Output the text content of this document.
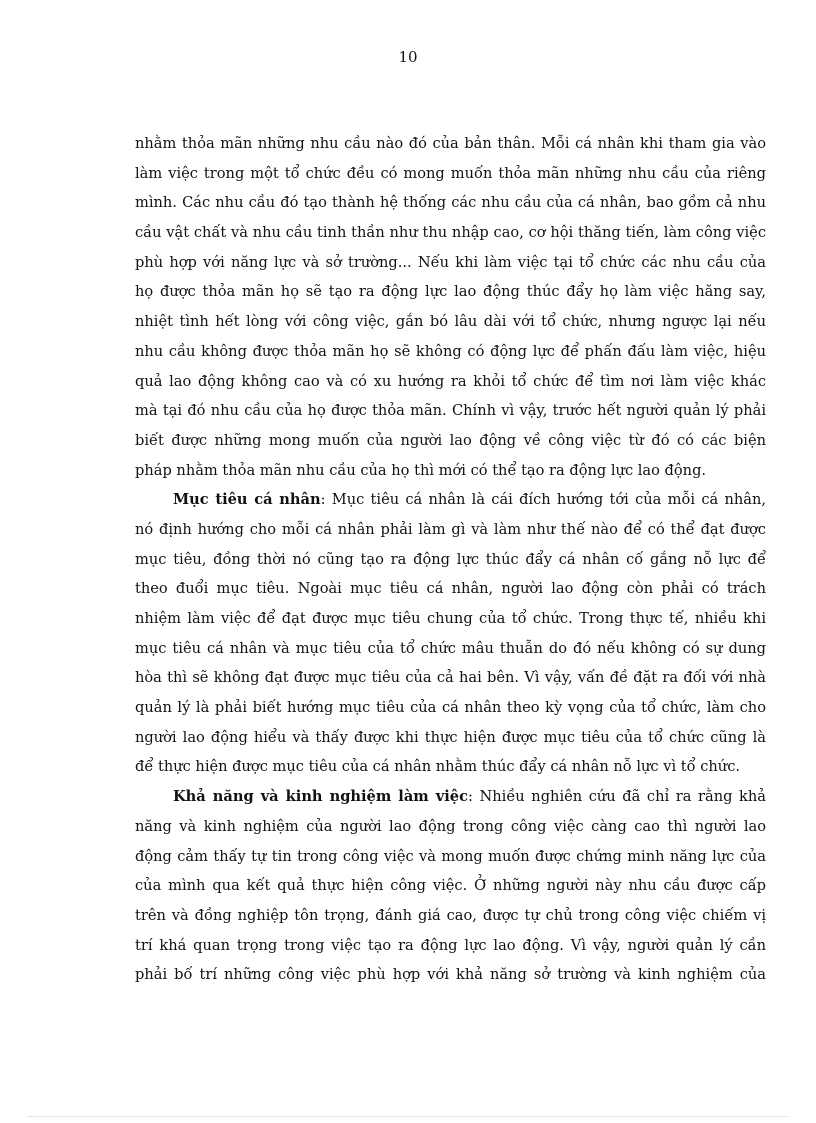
10
nhằm thỏa mãn những nhu cầu nào đó của bản thân. Mỗi cá nhân khi tham gia vào
làm việc trong một tổ chức đều có mong muốn thỏa mãn những nhu cầu của riêng
mình. Các nhu cầu đó tạo thành hệ thống các nhu cầu của cá nhân, bao gồm cả nhu
cầu vật chất và nhu cầu tinh thần như thu nhập cao, cơ hội thăng tiến, làm công việc
phù hợp với năng lực và sở trường... Nếu khi làm việc tại tổ chức các nhu cầu của
họ được thỏa mãn họ sẽ tạo ra động lực lao động thúc đẩy họ làm việc hăng say,
nhiệt tình hết lòng với công việc, gắn bó lâu dài với tổ chức, nhưng ngược lại nếu
nhu cầu không được thỏa mãn họ sẽ không có động lực để phấn đấu làm việc, hiệu
quả lao động không cao và có xu hướng ra khỏi tổ chức để tìm nơi làm việc khác
mà tại đó nhu cầu của họ được thỏa mãn. Chính vì vậy, trước hết người quản lý phải
biết được những mong muốn của người lao động về công việc từ đó có các biện
pháp nhằm thỏa mãn nhu cầu của họ thì mới có thể tạo ra động lực lao động.
Mục tiêu cá nhân: Mục tiêu cá nhân là cái đích hướng tới của mỗi cá nhân,
nó định hướng cho mỗi cá nhân phải làm gì và làm như thế nào để có thể đạt được
mục tiêu, đồng thời nó cũng tạo ra động lực thúc đẩy cá nhân cố gắng nỗ lực để
theo đuổi mục tiêu. Ngoài mục tiêu cá nhân, người lao động còn phải có trách
nhiệm làm việc để đạt được mục tiêu chung của tổ chức. Trong thực tế, nhiều khi
mục tiêu cá nhân và mục tiêu của tổ chức mâu thuẫn do đó nếu không có sự dung
hòa thì sẽ không đạt được mục tiêu của cả hai bên. Vì vậy, vấn đề đặt ra đối với nhà
quản lý là phải biết hướng mục tiêu của cá nhân theo kỳ vọng của tổ chức, làm cho
người lao động hiểu và thấy được khi thực hiện được mục tiêu của tổ chức cũng là
để thực hiện được mục tiêu của cá nhân nhằm thúc đẩy cá nhân nỗ lực vì tổ chức.
Khả năng và kinh nghiệm làm việc: Nhiều nghiên cứu đã chỉ ra rằng khả
năng và kinh nghiệm của người lao động trong công việc càng cao thì người lao
động cảm thấy tự tin trong công việc và mong muốn được chứng minh năng lực của
của mình qua kết quả thực hiện công việc. Ở những người này nhu cầu được cấp
trên và đồng nghiệp tôn trọng, đánh giá cao, được tự chủ trong công việc chiếm vị
trí khá quan trọng trong việc tạo ra động lực lao động. Vì vậy, người quản lý cần
phải bố trí những công việc phù hợp với khả năng sở trường và kinh nghiệm của
